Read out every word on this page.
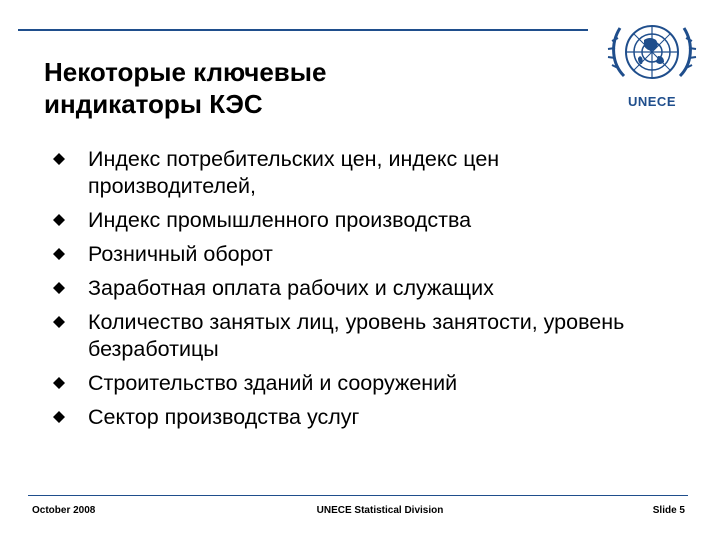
Некоторые ключевые
индикаторы КЭС	UNECE
Индекс потребительских цен, индекс цен производителей,
Индекс промышленного производства
Розничный оборот
Заработная оплата рабочих и служащих
Количество занятых лиц, уровень занятости, уровень безработицы
Строительство зданий и сооружений
Сектор производства услуг
October 2008	UNECE Statistical Division	Slide 5
